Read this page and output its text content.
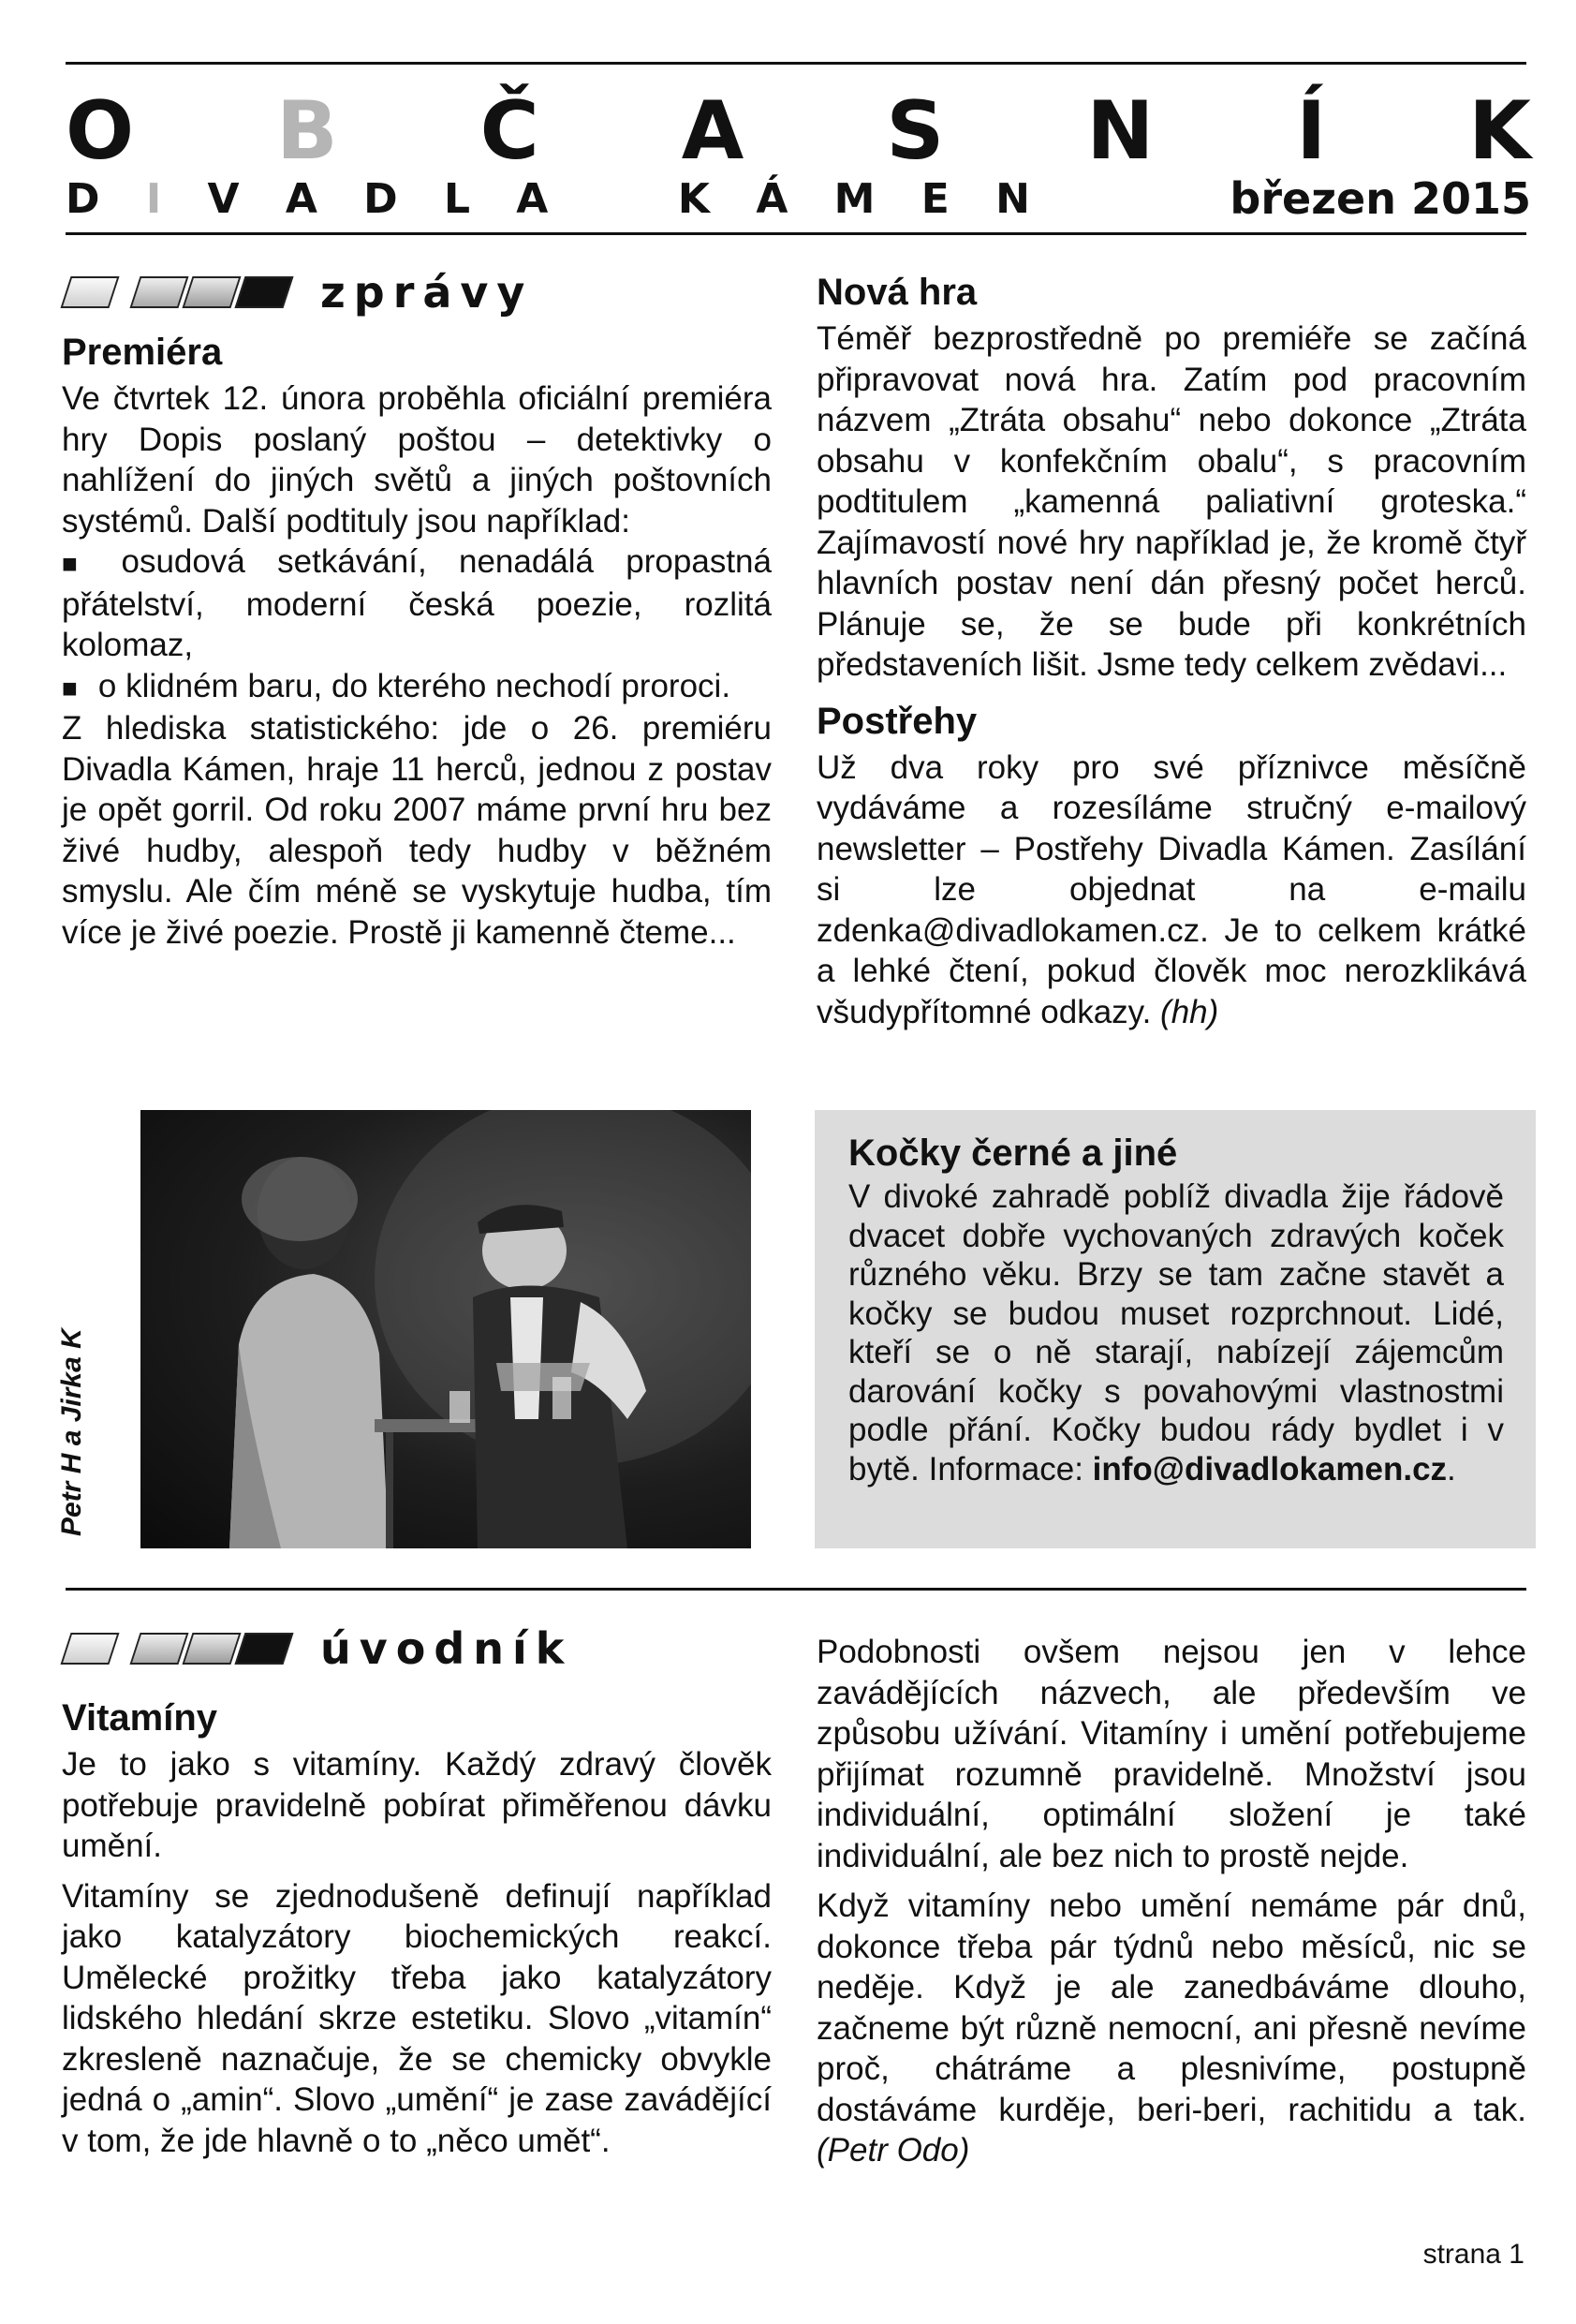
O B Č A S N Í K
D I V A D L A	K Á M E N	březen 2015
zprávy
Premiéra

Ve čtvrtek 12. února proběhla oficiální premiéra hry Dopis poslaný poštou – detektivky o nahlížení do jiných světů a jiných poštovních systémů. Další podtituly jsou například:

■ osudová setkávání, nenadálá propastná přátelství, moderní česká poezie, rozlitá kolomaz,

■ o klidném baru, do kterého nechodí proroci.

Z hlediska statistického: jde o 26. premiéru Divadla Kámen, hraje 11 herců, jednou z postav je opět gorril. Od roku 2007 máme první hru bez živé hudby, alespoň tedy hudby v běžném smyslu. Ale čím méně se vyskytuje hudba, tím více je živé poezie. Prostě ji kamenně čteme...

Nová hra

Téměř bezprostředně po premiéře se začíná připravovat nová hra. Zatím pod pracovním názvem „Ztráta obsahu“ nebo dokonce „Ztráta obsahu v konfekčním obalu“, s pracovním podtitulem „kamenná paliativní groteska.“ Zajímavostí nové hry například je, že kromě čtyř hlavních postav není dán přesný počet herců. Plánuje se, že se bude při konkrétních představeních lišit. Jsme tedy celkem zvědavi...

Postřehy

Už dva roky pro své příznivce měsíčně vydáváme a rozesíláme stručný e-mailový newsletter – Postřehy Divadla Kámen. Zasílání si lze objednat na e-mailu zdenka@divadlokamen.cz. Je to celkem krátké a lehké čtení, pokud člověk moc nerozklikává všudypřítomné odkazy. (hh)

Petr H a Jirka K
Kočky černé a jiné

V divoké zahradě poblíž divadla žije řádově dvacet dobře vychovaných zdravých koček různého věku. Brzy se tam začne stavět a kočky se budou muset rozprchnout. Lidé, kteří se o ně starají, nabízejí zájemcům darování kočky s povahovými vlastnostmi podle přání. Kočky budou rády bydlet i v bytě. Informace: info@divadlokamen.cz.

úvodník
Vitamíny

Je to jako s vitamíny. Každý zdravý člověk potřebuje pravidelně pobírat přiměřenou dávku umění.

Vitamíny se zjednodušeně definují například jako katalyzátory biochemických reakcí. Umělecké prožitky třeba jako katalyzátory lidského hledání skrze estetiku. Slovo „vitamín“ zkresleně naznačuje, že se chemicky obvykle jedná o „amin“. Slovo „umění“ je zase zavádějící v tom, že jde hlavně o to „něco umět“.

Podobnosti ovšem nejsou jen v lehce zavádějících názvech, ale především ve způsobu užívání. Vitamíny i umění potřebujeme přijímat rozumně pravidelně. Množství jsou individuální, optimální složení je také individuální, ale bez nich to prostě nejde.

Když vitamíny nebo umění nemáme pár dnů, dokonce třeba pár týdnů nebo měsíců, nic se neděje. Když je ale zanedbáváme dlouho, začneme být různě nemocní, ani přesně nevíme proč, chátráme a plesnivíme, postupně dostáváme kurděje, beri-beri, rachitidu a tak. (Petr Odo)

strana 1
